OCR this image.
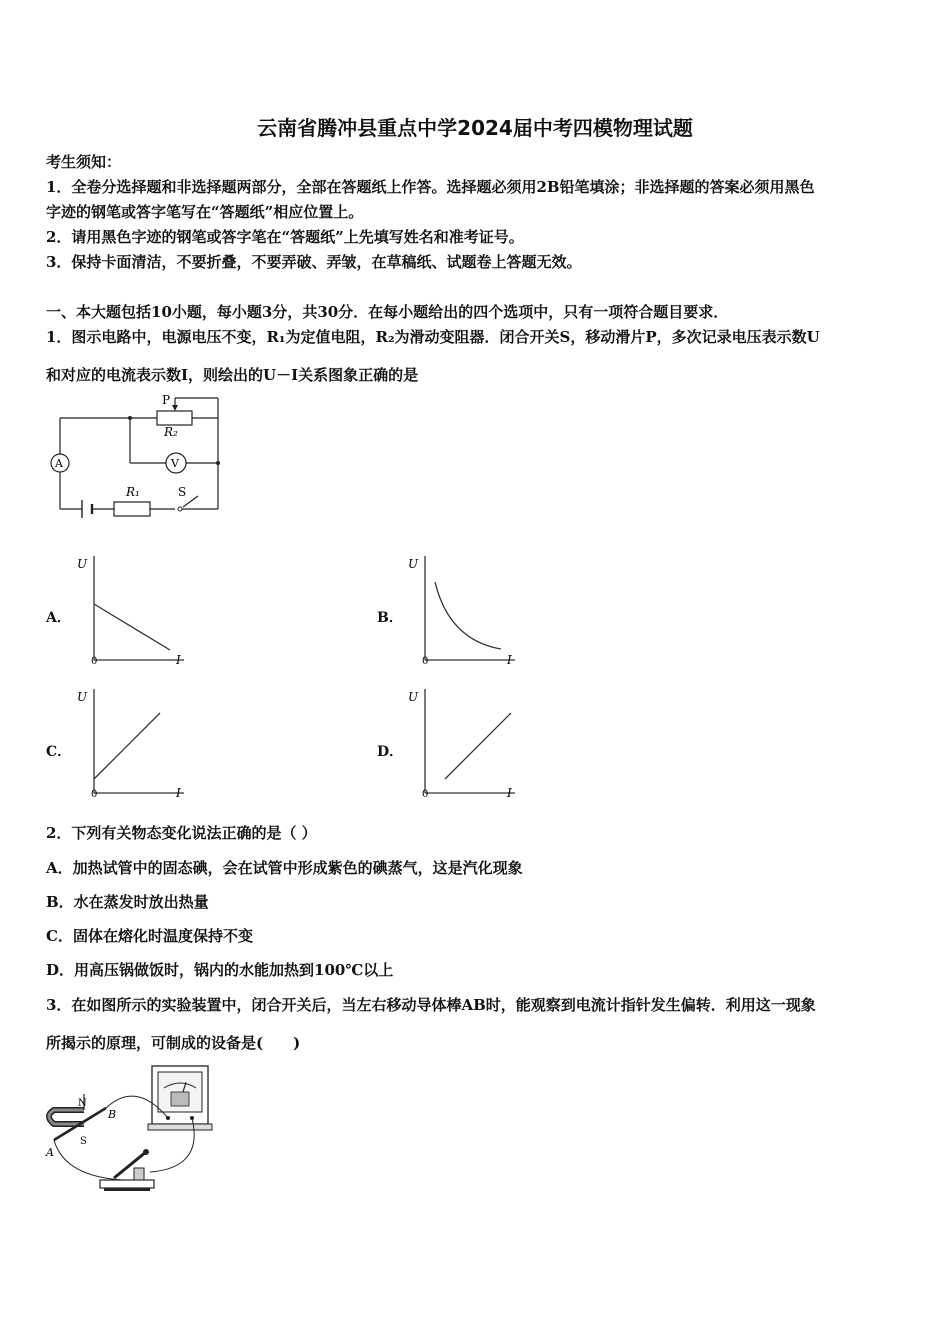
云南省腾冲县重点中学2024届中考四模物理试题
考生须知：
1．全卷分选择题和非选择题两部分，全部在答题纸上作答。选择题必须用2B铅笔填涂；非选择题的答案必须用黑色
字迹的钢笔或答字笔写在“答题纸”相应位置上。
2．请用黑色字迹的钢笔或答字笔在“答题纸”上先填写姓名和准考证号。
3．保持卡面清洁，不要折叠，不要弄破、弄皱，在草稿纸、试题卷上答题无效。
一、本大题包括10小题，每小题3分，共30分．在每小题给出的四个选项中，只有一项符合题目要求．
1．图示电路中，电源电压不变，R₁为定值电阻，R₂为滑动变阻器．闭合开关S，移动滑片P，多次记录电压表示数U
和对应的电流表示数I，则绘出的U－I关系图象正确的是
P
R₂
A	V
R₁	S
A．
U
0	I
B．
U
0	I
C．
U
0	I
D．
U
0	I
2．下列有关物态变化说法正确的是（ ）
A．加热试管中的固态碘，会在试管中形成紫色的碘蒸气，这是汽化现象
B．水在蒸发时放出热量
C．固体在熔化时温度保持不变
D．用高压锅做饭时，锅内的水能加热到100℃以上
3．在如图所示的实验装置中，闭合开关后，当左右移动导体棒AB时，能观察到电流计指针发生偏转．利用这一现象
所揭示的原理，可制成的设备是(　　)
N
S
A
B
